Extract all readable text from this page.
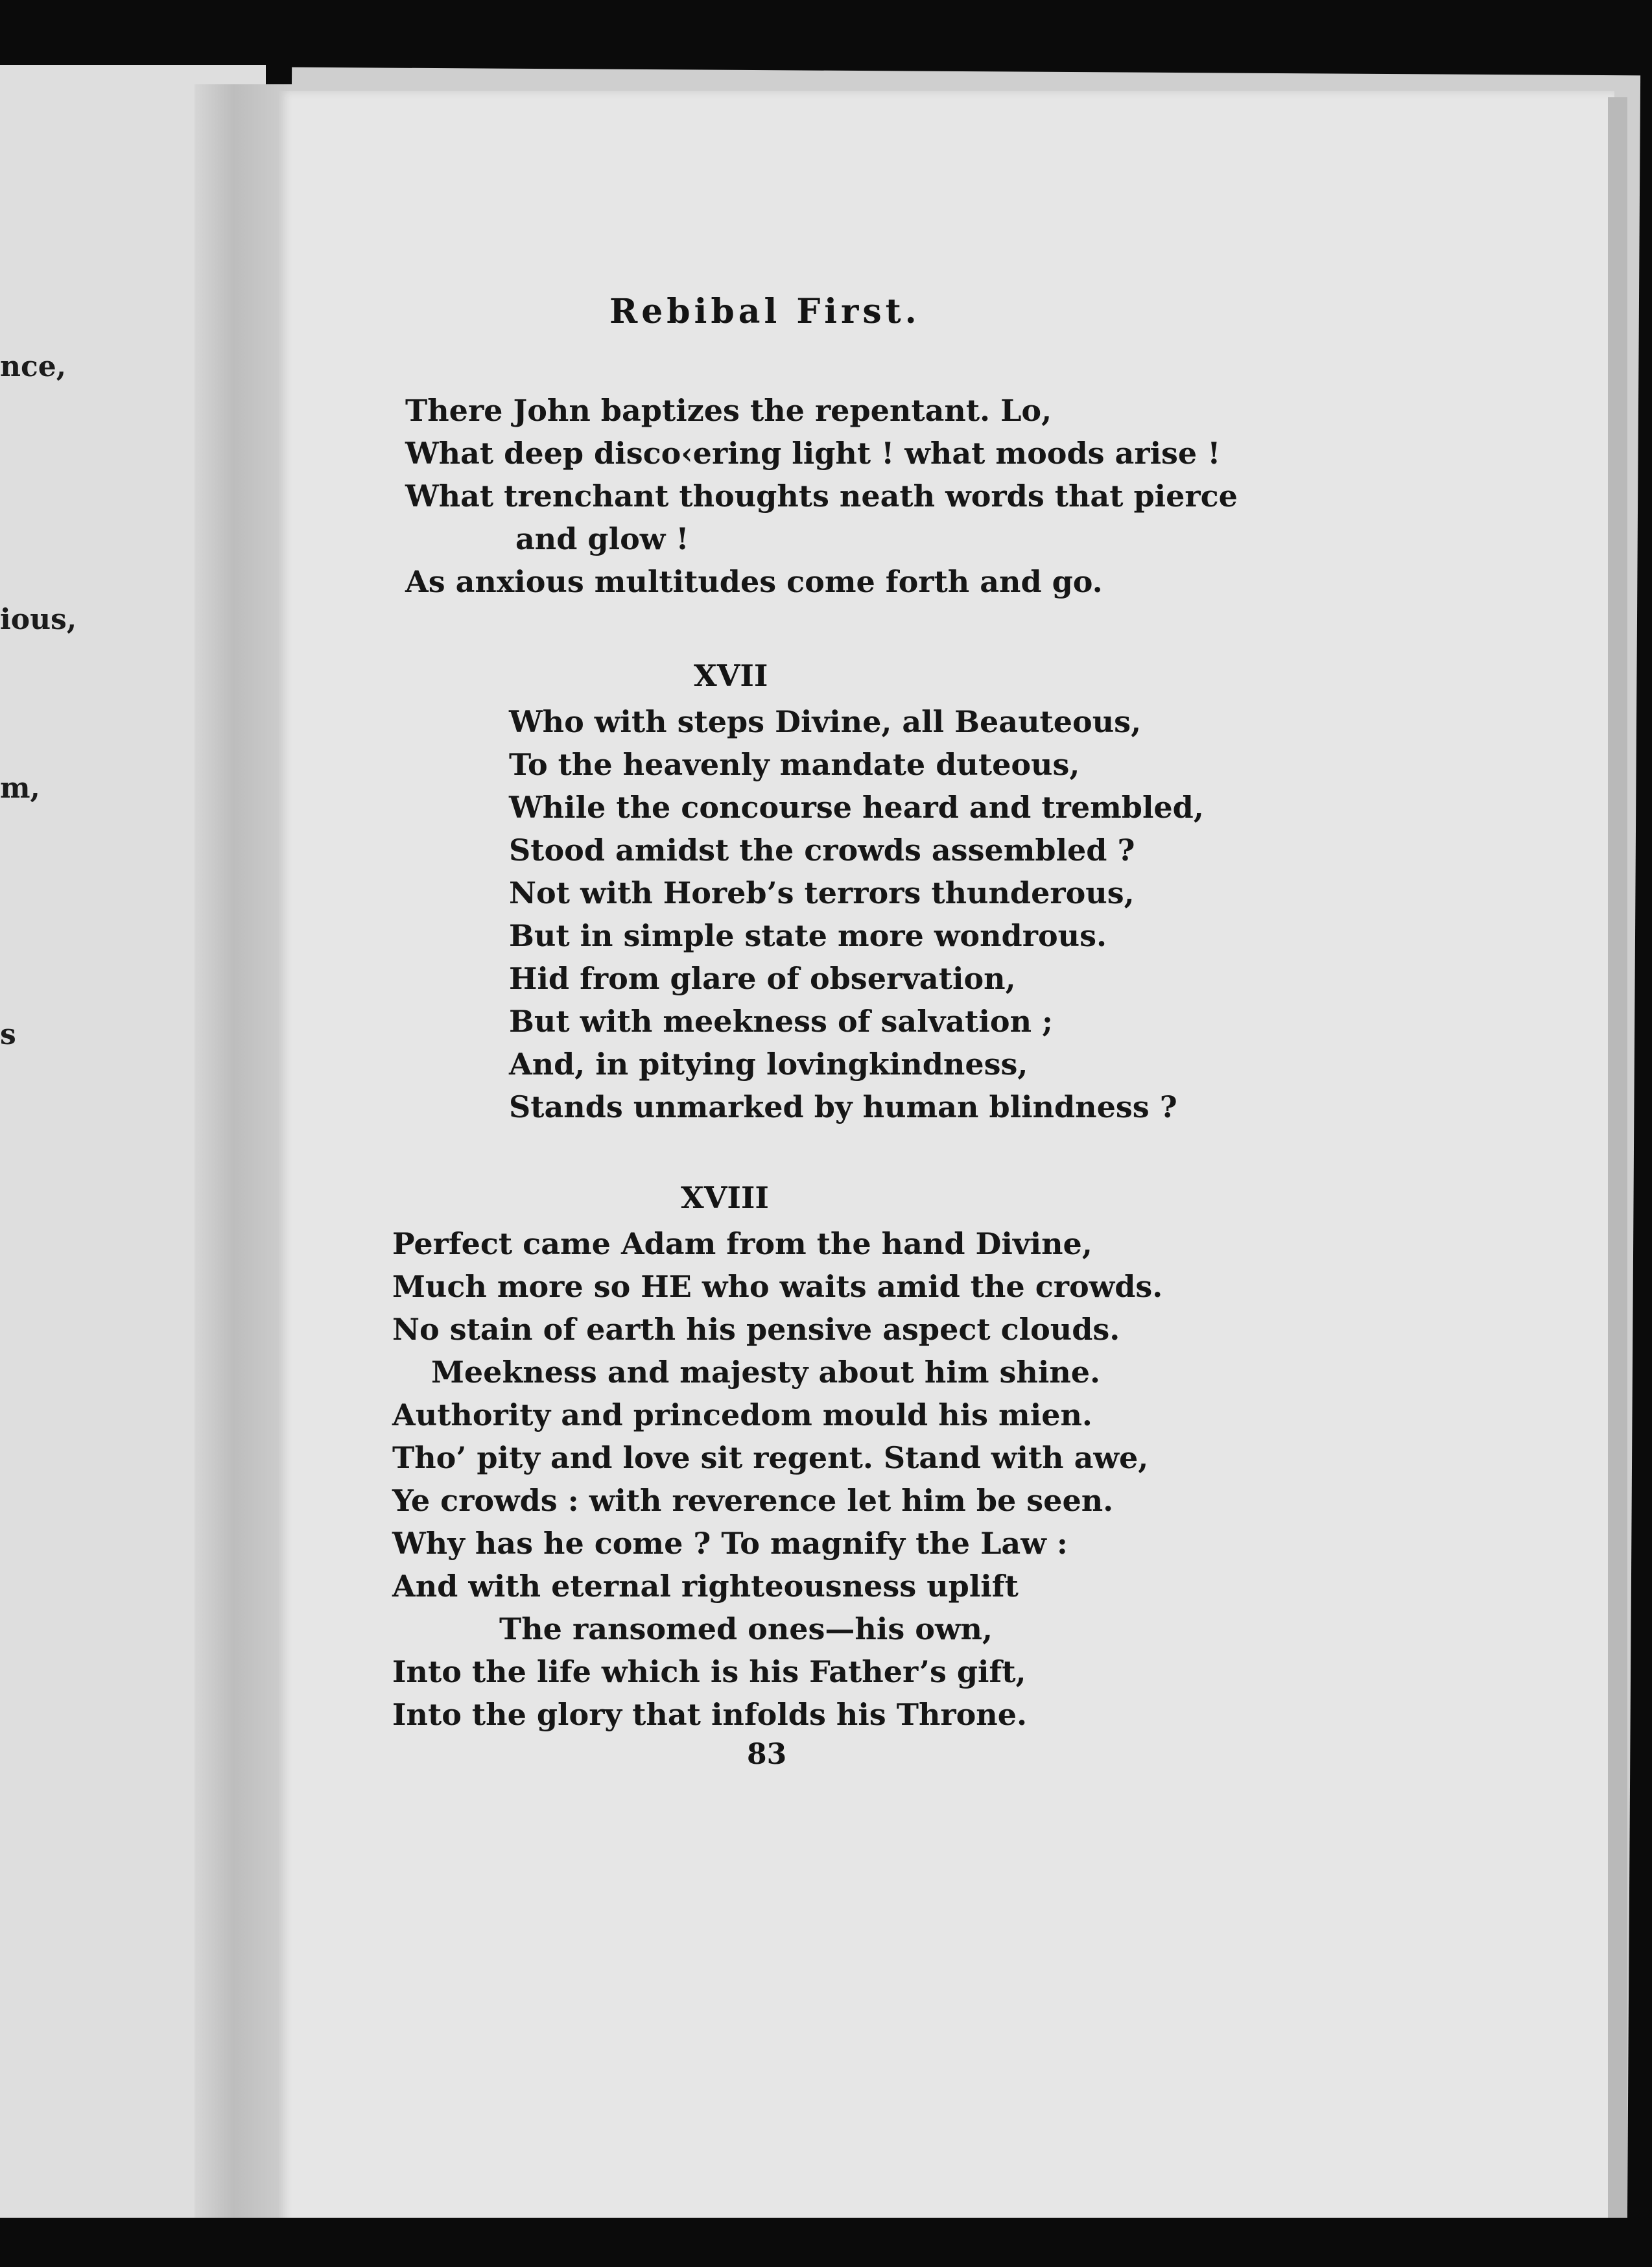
nce,
ious,
m,
s
Rebibal First.
There John baptizes the repentant. Lo,
What deep disco‹ering light ! what moods arise !
What trenchant thoughts neath words that pierce
and glow !
As anxious multitudes come forth and go.
XVII
Who with steps Divine, all Beauteous,
To the heavenly mandate duteous,
While the concourse heard and trembled,
Stood amidst the crowds assembled ?
Not with Horeb’s terrors thunderous,
But in simple state more wondrous.
Hid from glare of observation,
But with meekness of salvation ;
And, in pitying lovingkindness,
Stands unmarked by human blindness ?
XVIII
Perfect came Adam from the hand Divine,
Much more so HE who waits amid the crowds.
No stain of earth his pensive aspect clouds.
Meekness and majesty about him shine.
Authority and princedom mould his mien.
Tho’ pity and love sit regent. Stand with awe,
Ye crowds : with reverence let him be seen.
Why has he come ? To magnify the Law :
And with eternal righteousness uplift
The ransomed ones—his own,
Into the life which is his Father’s gift,
Into the glory that infolds his Throne.
83
